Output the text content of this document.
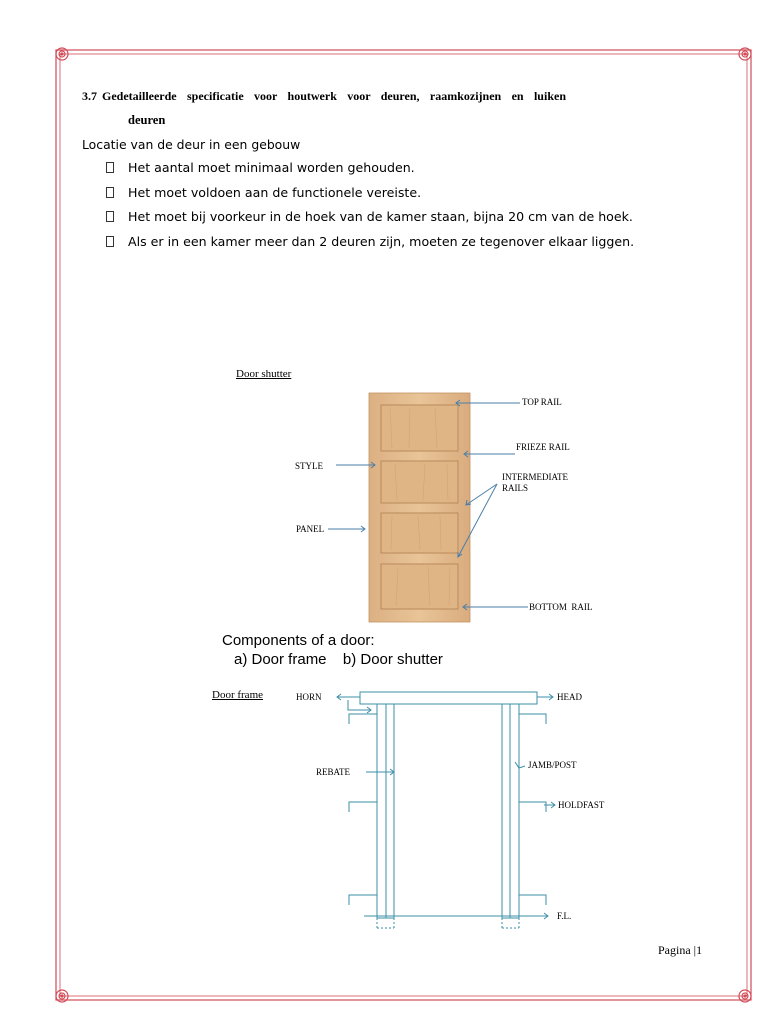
3.7 Gedetailleerde specificatie voor houtwerk voor deuren, raamkozijnen en luiken
deuren
Locatie van de deur in een gebouw
Het aantal moet minimaal worden gehouden.
Het moet voldoen aan de functionele vereiste.
Het moet bij voorkeur in de hoek van de kamer staan, bijna 20 cm van de hoek.
Als er in een kamer meer dan 2 deuren zijn, moeten ze tegenover elkaar liggen.
Door shutter
TOP RAIL
FRIEZE RAIL
STYLE
INTERMEDIATE
RAILS
PANEL
BOTTOM  RAIL
Components of a door:
a) Door frame b) Door shutter
Door frame	HORN	HEAD
REBATE
JAMB/POST
HOLDFAST
F.L.
Pagina |1
